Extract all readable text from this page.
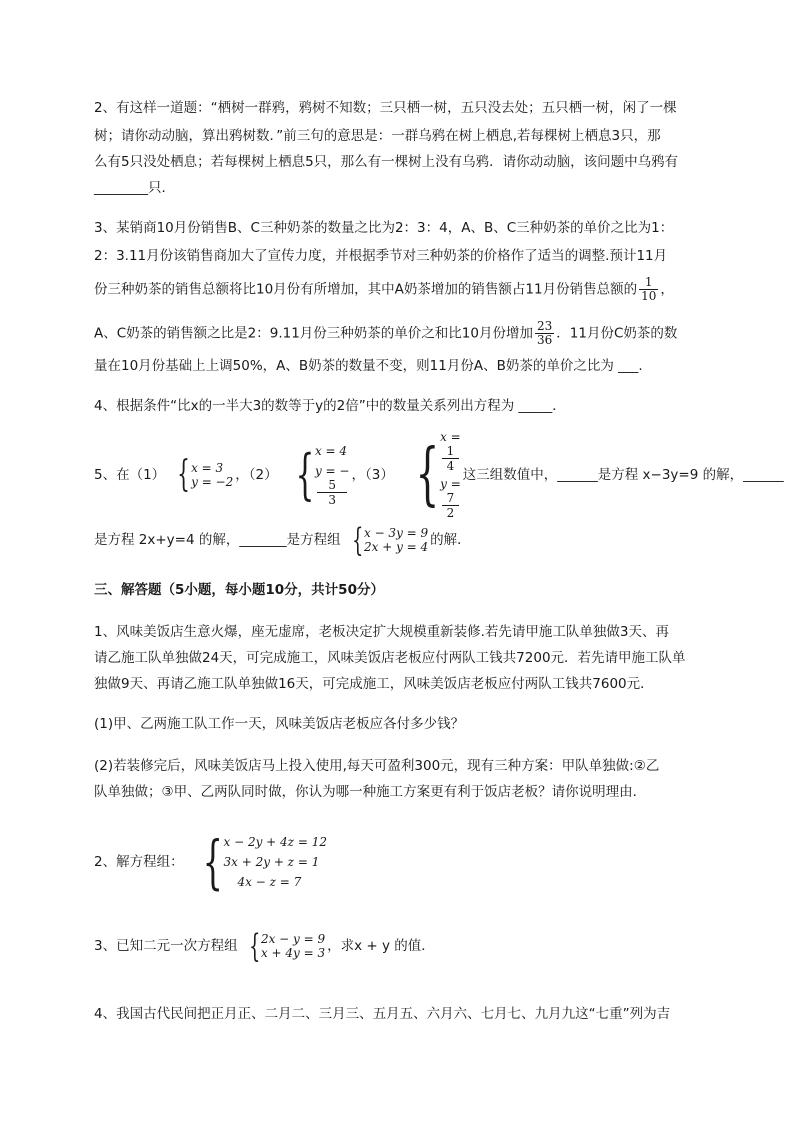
2、有这样一道题：“栖树一群鸦，鸦树不知数；三只栖一树，五只没去处；五只栖一树，闲了一棵
树；请你动动脑，算出鸦树数．”前三句的意思是：一群乌鸦在树上栖息,若每棵树上栖息3只，那
么有5只没处栖息；若每棵树上栖息5只，那么有一棵树上没有乌鸦．请你动动脑，该问题中乌鸦有
________只．
3、某销商10月份销售B、C三种奶茶的数量之比为2：3：4，A、B、C三种奶茶的单价之比为1：
2：3.11月份该销售商加大了宣传力度，并根据季节对三种奶茶的价格作了适当的调整.预计11月
份三种奶茶的销售总额将比10月份有所增加，其中A奶茶增加的销售额占11月份销售总额的 $\frac{1}{10}$ ，
A、C奶茶的销售额之比是2：9.11月份三种奶茶的单价之和比10月份增加 $\frac{23}{36}$ ．11月份C奶茶的数
量在10月份基础上上调50%，A、B奶茶的数量不变，则11月份A、B奶茶的单价之比为 ___.
4、根据条件“比x的一半大3的数等于y的2倍”中的数量关系列出方程为 _____．
5、在（1） { x = 3
y = −2 ，（2） { x = 4
y = −
5
3
，（3） { x =
1
4
y =
7
2
这三组数值中，______是方程 x−3y=9 的解，______
是方程 2x+y=4 的解，_______是方程组 { x − 3y = 9
2x + y = 4 的解．
三、解答题（5小题，每小题10分，共计50分）
1、风味美饭店生意火爆，座无虚席，老板决定扩大规模重新装修.若先请甲施工队单独做3天、再
请乙施工队单独做24天，可完成施工，风味美饭店老板应付两队工钱共7200元．若先请甲施工队单
独做9天、再请乙施工队单独做16天，可完成施工，风味美饭店老板应付两队工钱共7600元．
(1)甲、乙两施工队工作一天，风味美饭店老板应各付多少钱？
(2)若装修完后，风味美饭店马上投入使用,每天可盈利300元，现有三种方案：甲队单独做:②乙
队单独做；③甲、乙两队同时做，你认为哪一种施工方案更有利于饭店老板？请你说明理由．
2、解方程组： { x − 2y + 4z = 12
3x + 2y + z = 1
4x − z = 7
3、已知二元一次方程组 { 2x − y = 9
x + 4y = 3 ，求x + y 的值．
4、我国古代民间把正月正、二月二、三月三、五月五、六月六、七月七、九月九这“七重”列为吉
